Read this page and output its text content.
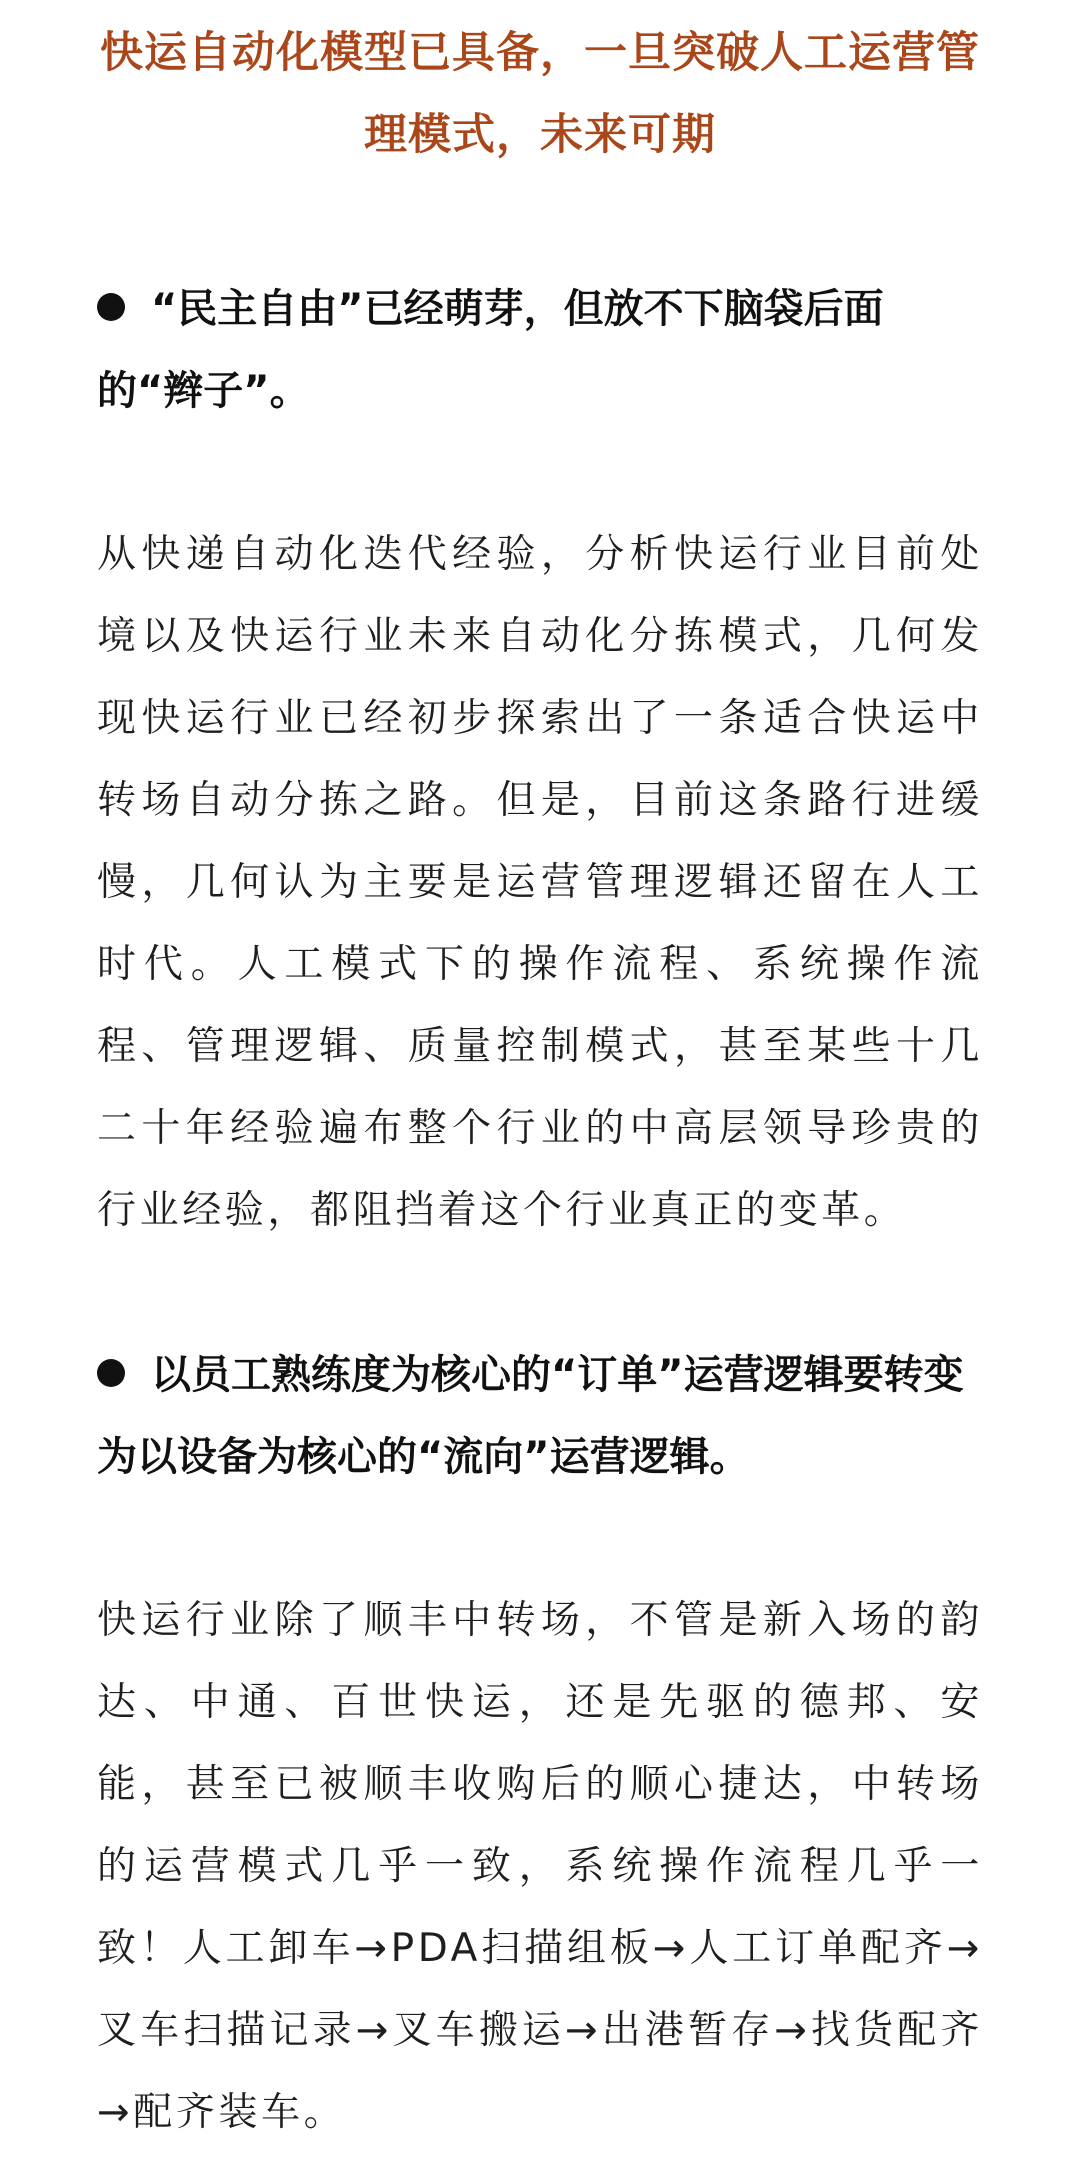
快运自动化模型已具备，一旦突破人工运营管理模式，未来可期
“民主自由”已经萌芽，但放不下脑袋后面的“辫子”。

从快递自动化迭代经验，分析快运行业目前处境以及快运行业未来自动化分拣模式，几何发现快运行业已经初步探索出了一条适合快运中转场自动分拣之路。但是，目前这条路行进缓慢，几何认为主要是运营管理逻辑还留在人工时代。人工模式下的操作流程、系统操作流程、管理逻辑、质量控制模式，甚至某些十几二十年经验遍布整个行业的中高层领导珍贵的行业经验，都阻挡着这个行业真正的变革。

以员工熟练度为核心的“订单”运营逻辑要转变为以设备为核心的“流向”运营逻辑。

快运行业除了顺丰中转场，不管是新入场的韵达、中通、百世快运，还是先驱的德邦、安能，甚至已被顺丰收购后的顺心捷达，中转场的运营模式几乎一致，系统操作流程几乎一致！人工卸车→PDA扫描组板→人工订单配齐→叉车扫描记录→叉车搬运→出港暂存→找货配齐→配齐装车。
